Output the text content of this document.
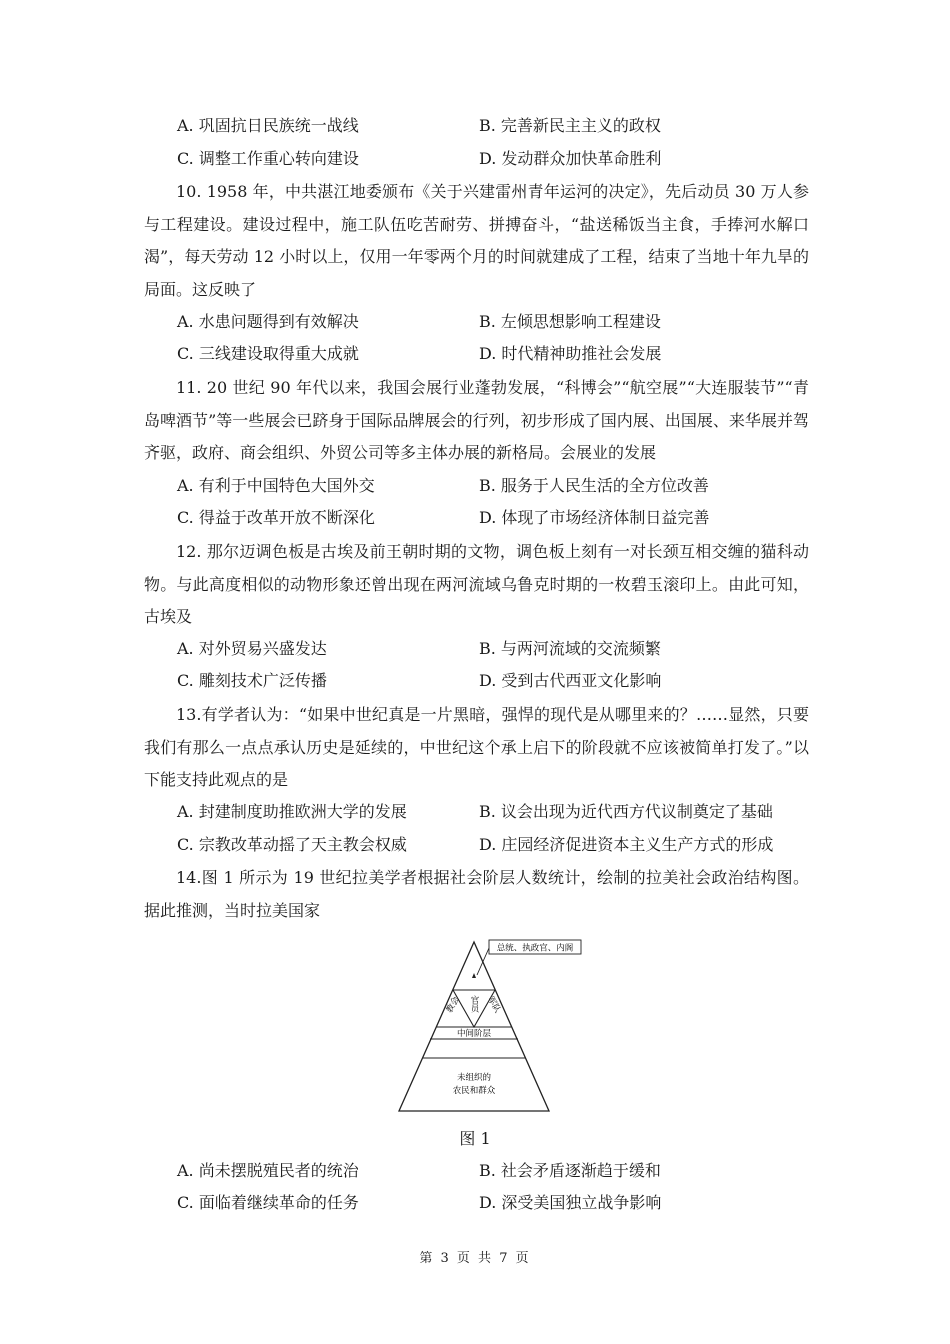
A. 巩固抗日民族统一战线	B. 完善新民主主义的政权
C. 调整工作重心转向建设	D. 发动群众加快革命胜利
10. 1958 年，中共湛江地委颁布《关于兴建雷州青年运河的决定》，先后动员 30 万人参与工程建设。建设过程中，施工队伍吃苦耐劳、拼搏奋斗，“盐送稀饭当主食，手捧河水解口渴”，每天劳动 12 小时以上，仅用一年零两个月的时间就建成了工程，结束了当地十年九旱的局面。这反映了
A. 水患问题得到有效解决	B. 左倾思想影响工程建设
C. 三线建设取得重大成就	D. 时代精神助推社会发展
11. 20 世纪 90 年代以来，我国会展行业蓬勃发展，“科博会”“航空展”“大连服装节”“青岛啤酒节”等一些展会已跻身于国际品牌展会的行列，初步形成了国内展、出国展、来华展并驾齐驱，政府、商会组织、外贸公司等多主体办展的新格局。会展业的发展
A. 有利于中国特色大国外交	B. 服务于人民生活的全方位改善
C. 得益于改革开放不断深化	D. 体现了市场经济体制日益完善
12. 那尔迈调色板是古埃及前王朝时期的文物，调色板上刻有一对长颈互相交缠的猫科动物。与此高度相似的动物形象还曾出现在两河流域乌鲁克时期的一枚碧玉滚印上。由此可知，古埃及
A. 对外贸易兴盛发达	B. 与两河流域的交流频繁
C. 雕刻技术广泛传播	D. 受到古代西亚文化影响
13.有学者认为：“如果中世纪真是一片黑暗，强悍的现代是从哪里来的？……显然，只要我们有那么一点点承认历史是延续的，中世纪这个承上启下的阶段就不应该被简单打发了。”以下能支持此观点的是
A. 封建制度助推欧洲大学的发展	B. 议会出现为近代西方代议制奠定了基础
C. 宗教改革动摇了天主教会权威	D. 庄园经济促进资本主义生产方式的形成
14.图 1 所示为 19 世纪拉美学者根据社会阶层人数统计，绘制的拉美社会政治结构图。据此推测，当时拉美国家
总统、执政官、内阁
教会	军队
官员
中间阶层
未组织的
农民和群众
图 1
A. 尚未摆脱殖民者的统治	B. 社会矛盾逐渐趋于缓和
C. 面临着继续革命的任务	D. 深受美国独立战争影响
第 3 页 共 7 页
